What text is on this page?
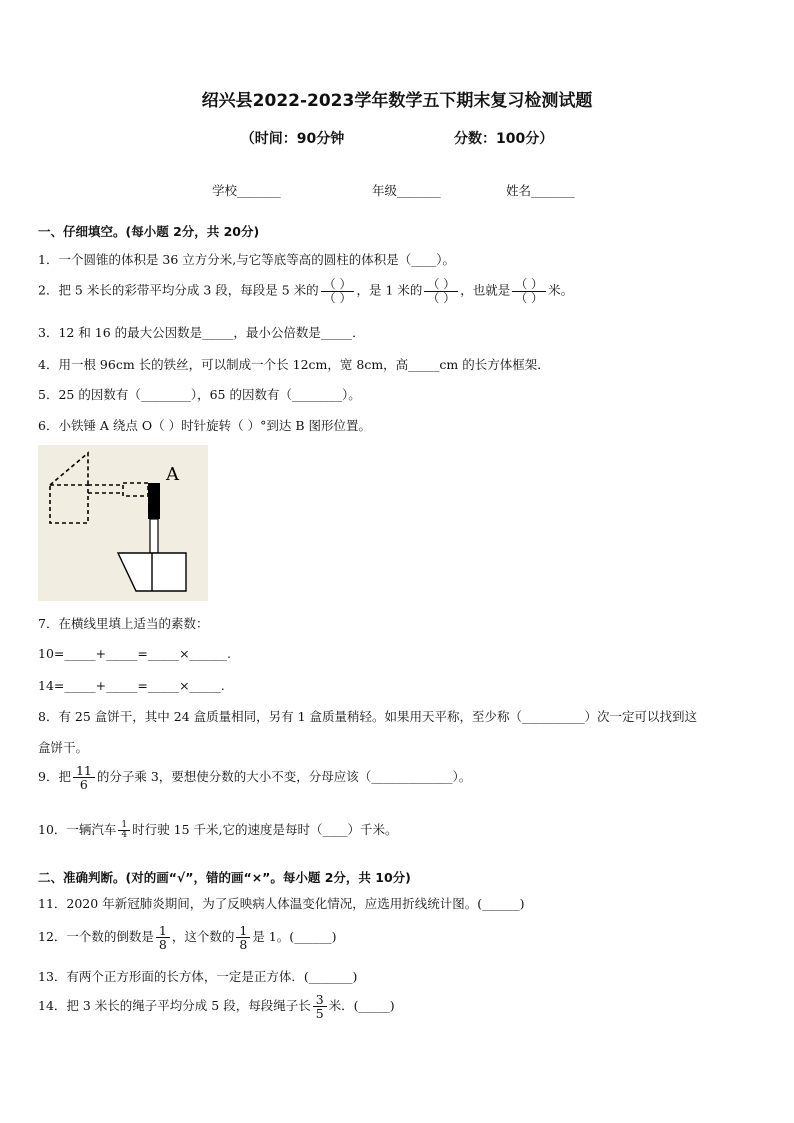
绍兴县2022-2023学年数学五下期末复习检测试题
（时间：90分钟	分数：100分）
学校_______	年级_______	姓名_______
一、仔细填空。(每小题 2分，共 20分)
1．一个圆锥的体积是 36 立方分米,与它等底等高的圆柱的体积是（____）。
2．把 5 米长的彩带平均分成 3 段，每段是 5 米的 $\frac{( )}{( )}$ ，是 1 米的 $\frac{( )}{( )}$ ，也就是 $\frac{( )}{( )}$ 米。
3．12 和 16 的最大公因数是_____，最小公倍数是_____．
4．用一根 96cm 长的铁丝，可以制成一个长 12cm，宽 8cm，高_____cm 的长方体框架．
5．25 的因数有（________），65 的因数有（________）。
6．小铁锤 A 绕点 O（ ）时针旋转（ ）°到达 B 图形位置。
A
7．在横线里填上适当的素数：
10=_____+_____=_____×______.
14=_____+_____=_____×_____.
8．有 25 盒饼干，其中 24 盒质量相同，另有 1 盒质量稍轻。如果用天平称，至少称（__________）次一定可以找到这
盒饼干。
9．把 $\frac{11}{6}$ 的分子乘 3，要想使分数的大小不变，分母应该（_____________）。
10．一辆汽车 $\frac{1}{4}$ 时行驶 15 千米,它的速度是每时（____）千米。
二、准确判断。(对的画“√”，错的画“×”。每小题 2分，共 10分)
11．2020 年新冠肺炎期间，为了反映病人体温变化情况，应选用折线统计图。(______)
12．一个数的倒数是 $\frac{1}{8}$ ，这个数的 $\frac{1}{8}$ 是 1。(______)
13．有两个正方形面的长方体，一定是正方体．(_______)
14．把 3 米长的绳子平均分成 5 段，每段绳子长 $\frac{3}{5}$ 米．(_____)
